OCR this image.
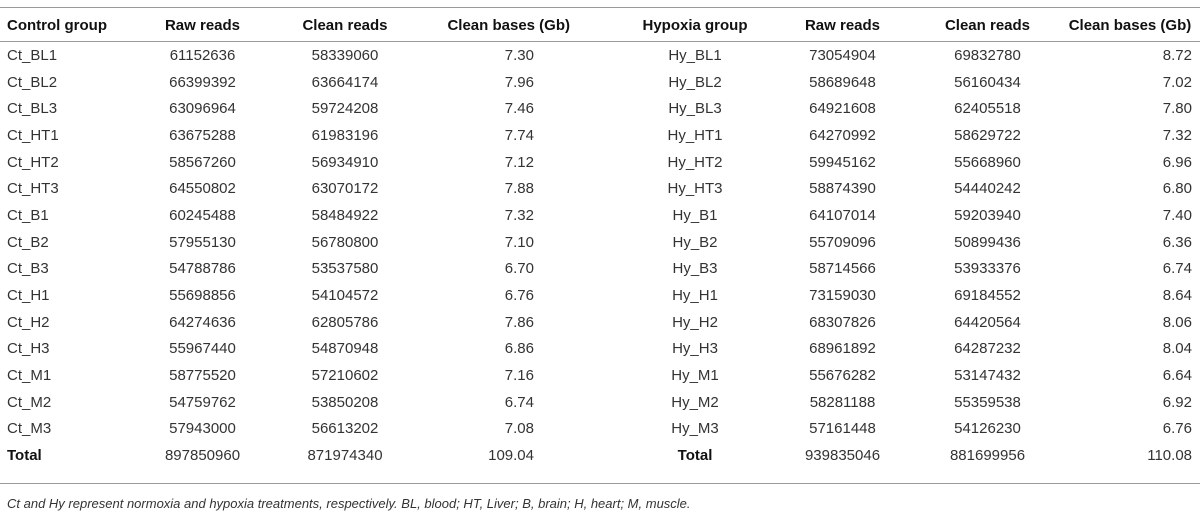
Control group	Raw reads	Clean reads	Clean bases (Gb)	Hypoxia group	Raw reads	Clean reads	Clean bases (Gb)
Ct_BL1	61152636	58339060	7.30	Hy_BL1	73054904	69832780	8.72
Ct_BL2	66399392	63664174	7.96	Hy_BL2	58689648	56160434	7.02
Ct_BL3	63096964	59724208	7.46	Hy_BL3	64921608	62405518	7.80
Ct_HT1	63675288	61983196	7.74	Hy_HT1	64270992	58629722	7.32
Ct_HT2	58567260	56934910	7.12	Hy_HT2	59945162	55668960	6.96
Ct_HT3	64550802	63070172	7.88	Hy_HT3	58874390	54440242	6.80
Ct_B1	60245488	58484922	7.32	Hy_B1	64107014	59203940	7.40
Ct_B2	57955130	56780800	7.10	Hy_B2	55709096	50899436	6.36
Ct_B3	54788786	53537580	6.70	Hy_B3	58714566	53933376	6.74
Ct_H1	55698856	54104572	6.76	Hy_H1	73159030	69184552	8.64
Ct_H2	64274636	62805786	7.86	Hy_H2	68307826	64420564	8.06
Ct_H3	55967440	54870948	6.86	Hy_H3	68961892	64287232	8.04
Ct_M1	58775520	57210602	7.16	Hy_M1	55676282	53147432	6.64
Ct_M2	54759762	53850208	6.74	Hy_M2	58281188	55359538	6.92
Ct_M3	57943000	56613202	7.08	Hy_M3	57161448	54126230	6.76
Total	897850960	871974340	109.04	Total	939835046	881699956	110.08
Ct and Hy represent normoxia and hypoxia treatments, respectively. BL, blood; HT, Liver; B, brain; H, heart; M, muscle.
